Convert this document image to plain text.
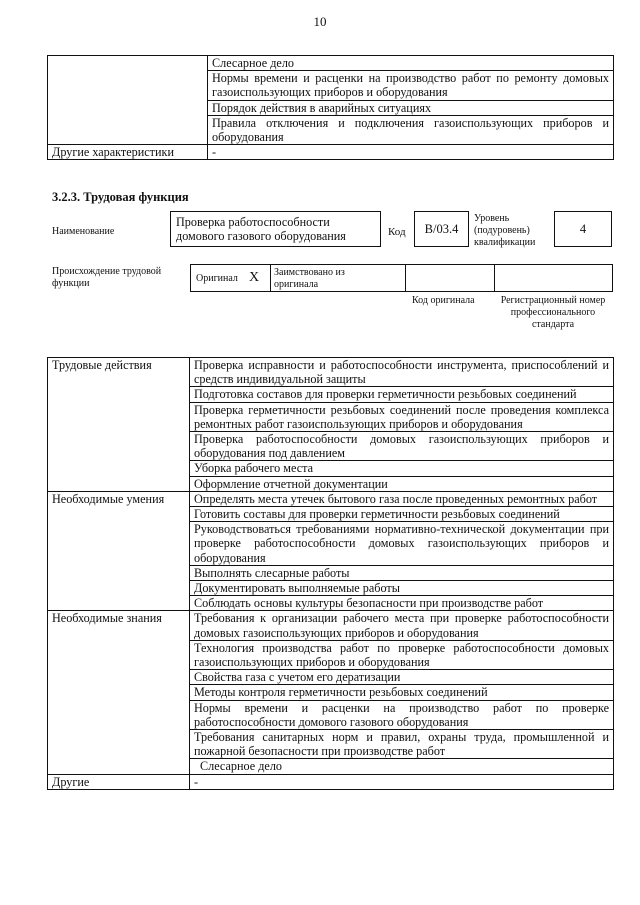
10
	Слесарное дело
	Нормы времени и расценки на производство работ по ремонту домовых газоиспользующих приборов и оборудования
	Порядок действия в аварийных ситуациях
	Правила отключения и подключения газоиспользующих приборов и оборудования
Другие характеристики	-
3.2.3. Трудовая функция
Наименование
Проверка работоспособности домового газового оборудования	Код	В/03.4
Уровень (подуровень) квалификации
4
Происхождение трудовой функции	Оригинал X Заимствовано из оригинала
Код оригинала	Регистрационный номер профессионального стандарта
Трудовые действия	Проверка исправности и работоспособности инструмента, приспособлений и средств индивидуальной защиты
	Подготовка составов для проверки герметичности резьбовых соединений
	Проверка герметичности резьбовых соединений после проведения комплекса ремонтных работ газоиспользующих приборов и оборудования
	Проверка работоспособности домовых газоиспользующих приборов и оборудования под давлением
	Уборка рабочего места
	Оформление отчетной документации
Необходимые умения	Определять места утечек бытового газа после проведенных ремонтных работ
	Готовить составы для проверки герметичности резьбовых соединений
	Руководствоваться требованиями нормативно-технической документации при проверке работоспособности домовых газоиспользующих приборов и оборудования
	Выполнять слесарные работы
	Документировать выполняемые работы
	Соблюдать основы культуры безопасности при производстве работ
Необходимые знания	Требования к организации рабочего места при проверке работоспособности домовых газоиспользующих приборов и оборудования
	Технология производства работ по проверке работоспособности домовых газоиспользующих приборов и оборудования
	Свойства газа с учетом его дератизации
	Методы контроля герметичности резьбовых соединений
	Нормы времени и расценки на производство работ по проверке работоспособности домового газового оборудования
	Требования санитарных норм и правил, охраны труда, промышленной и пожарной безопасности при производстве работ
	Слесарное дело
Другие	-
